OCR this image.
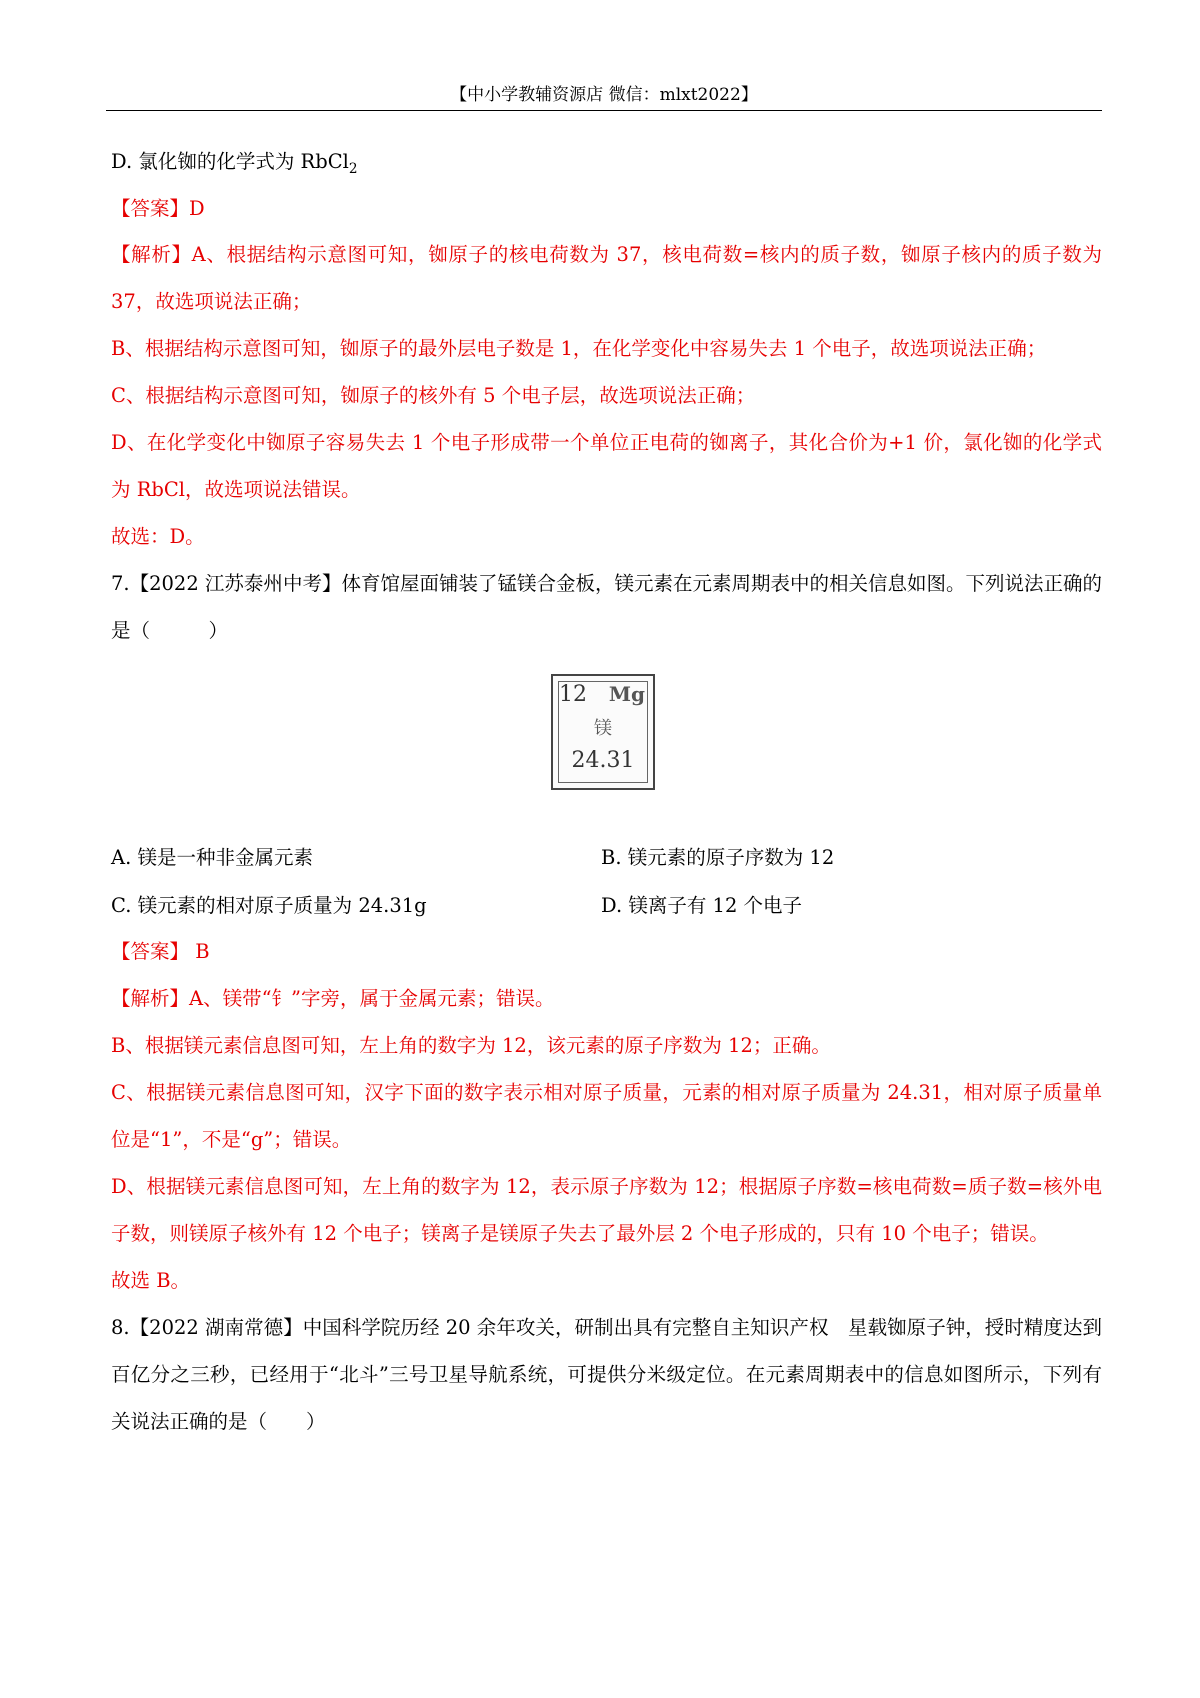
【中小学教辅资源店 微信：mlxt2022】

D. 氯化铷的化学式为 RbCl$_2$

【答案】D

【解析】A、根据结构示意图可知，铷原子的核电荷数为 37，核电荷数=核内的质子数，铷原子核内的质子数为 37，故选项说法正确；

B、根据结构示意图可知，铷原子的最外层电子数是 1，在化学变化中容易失去 1 个电子，故选项说法正确；

C、根据结构示意图可知，铷原子的核外有 5 个电子层，故选项说法正确；

D、在化学变化中铷原子容易失去 1 个电子形成带一个单位正电荷的铷离子，其化合价为+1 价，氯化铷的化学式为 RbCl，故选项说法错误。

故选：D。

7.【2022 江苏泰州中考】体育馆屋面铺装了锰镁合金板，镁元素在元素周期表中的相关信息如图。下列说法正确的是（　　　）

12 Mg
镁
24.31
A. 镁是一种非金属元素	B. 镁元素的原子序数为 12
C. 镁元素的相对原子质量为 24.31g	D. 镁离子有 12 个电子

【答案】 B

【解析】A、镁带“钅”字旁，属于金属元素；错误。

B、根据镁元素信息图可知，左上角的数字为 12，该元素的原子序数为 12；正确。

C、根据镁元素信息图可知，汉字下面的数字表示相对原子质量，元素的相对原子质量为 24.31，相对原子质量单位是“1”，不是“g”；错误。

D、根据镁元素信息图可知，左上角的数字为 12，表示原子序数为 12；根据原子序数=核电荷数=质子数=核外电子数，则镁原子核外有 12 个电子；镁离子是镁原子失去了最外层 2 个电子形成的，只有 10 个电子；错误。

故选 B。

8.【2022 湖南常德】中国科学院历经 20 余年攻关，研制出具有完整自主知识产权　星载铷原子钟，授时精度达到百亿分之三秒，已经用于“北斗”三号卫星导航系统，可提供分米级定位。在元素周期表中的信息如图所示，下列有关说法正确的是（　　）
